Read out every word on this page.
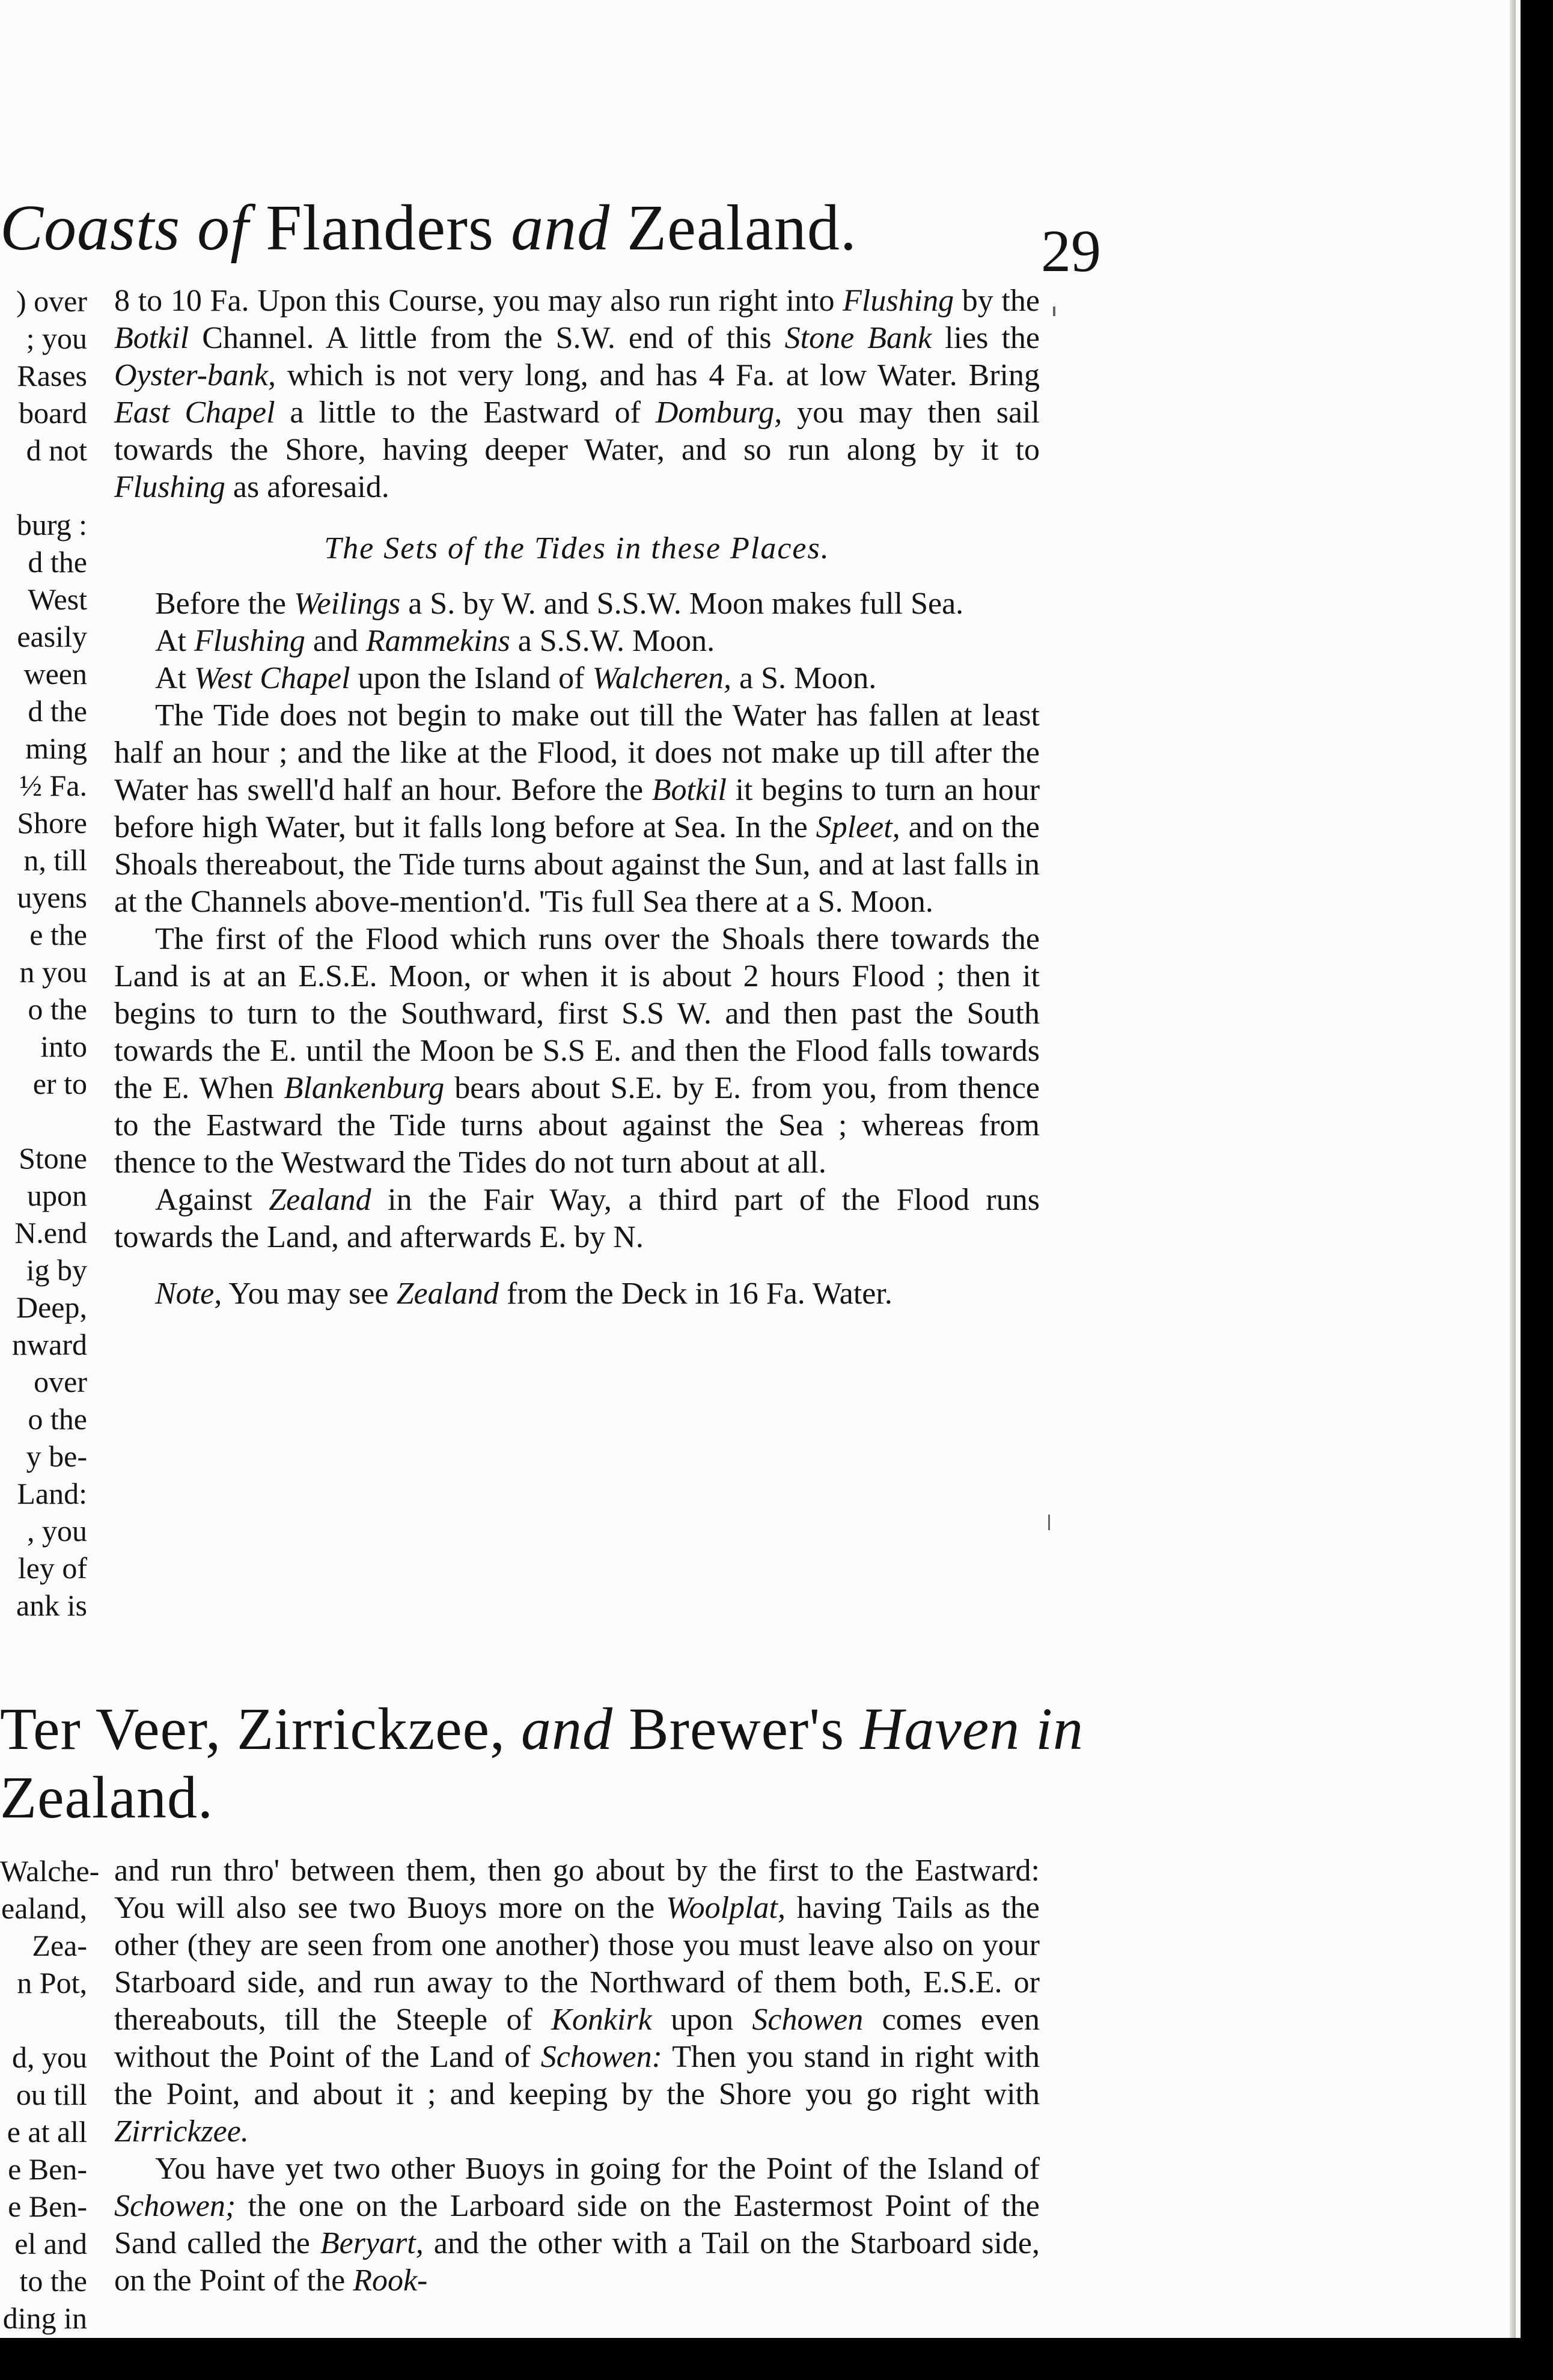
Coasts of Flanders and Zealand.	29
) over
; you
Rases
board
d not
burg :
d the
West
easily
ween
d the
ming
½ Fa.
Shore
n, till
uyens
e the
n you
o the
into
er to
Stone
upon
N.end
ig by
Deep,
nward
over
o the
y be-
Land:
, you
ley of
ank is

8 to 10 Fa. Upon this Course, you may also run right into Flushing by the Botkil Channel. A little from the S.W. end of this Stone Bank lies the Oyster-bank, which is not very long, and has 4 Fa. at low Water. Bring East Chapel a little to the Eastward of Domburg, you may then sail towards the Shore, having deeper Water, and so run along by it to Flushing as aforesaid.

The Sets of the Tides in these Places.

Before the Weilings a S. by W. and S.S.W. Moon makes full Sea.

At Flushing and Rammekins a S.S.W. Moon.

At West Chapel upon the Island of Walcheren, a S. Moon.

The Tide does not begin to make out till the Water has fallen at least half an hour ; and the like at the Flood, it does not make up till after the Water has swell'd half an hour. Before the Botkil it begins to turn an hour before high Water, but it falls long before at Sea. In the Spleet, and on the Shoals thereabout, the Tide turns about against the Sun, and at last falls in at the Channels above-mention'd. 'Tis full Sea there at a S. Moon.

The first of the Flood which runs over the Shoals there towards the Land is at an E.S.E. Moon, or when it is about 2 hours Flood ; then it begins to turn to the Southward, first S.S W. and then past the South towards the E. until the Moon be S.S E. and then the Flood falls towards the E. When Blankenburg bears about S.E. by E. from you, from thence to the Eastward the Tide turns about against the Sea ; whereas from thence to the Westward the Tides do not turn about at all.

Against Zealand in the Fair Way, a third part of the Flood runs towards the Land, and afterwards E. by N.

Note, You may see Zealand from the Deck in 16 Fa. Water.

Ter Veer, Zirrickzee, and Brewer's Haven in
Zealand.
Walche-
ealand,
Zea-
n Pot,
d, you
ou till
e at all
e Ben-
e Ben-
el and
to the
ding in

and run thro' between them, then go about by the first to the Eastward: You will also see two Buoys more on the Woolplat, having Tails as the other (they are seen from one another) those you must leave also on your Starboard side, and run away to the Northward of them both, E.S.E. or thereabouts, till the Steeple of Konkirk upon Schowen comes even without the Point of the Land of Schowen: Then you stand in right with the Point, and about it ; and keeping by the Shore you go right with Zirrickzee.

You have yet two other Buoys in going for the Point of the Island of Schowen; the one on the Larboard side on the Eastermost Point of the Sand called the Beryart, and the other with a Tail on the Starboard side, on the Point of the Rook-
